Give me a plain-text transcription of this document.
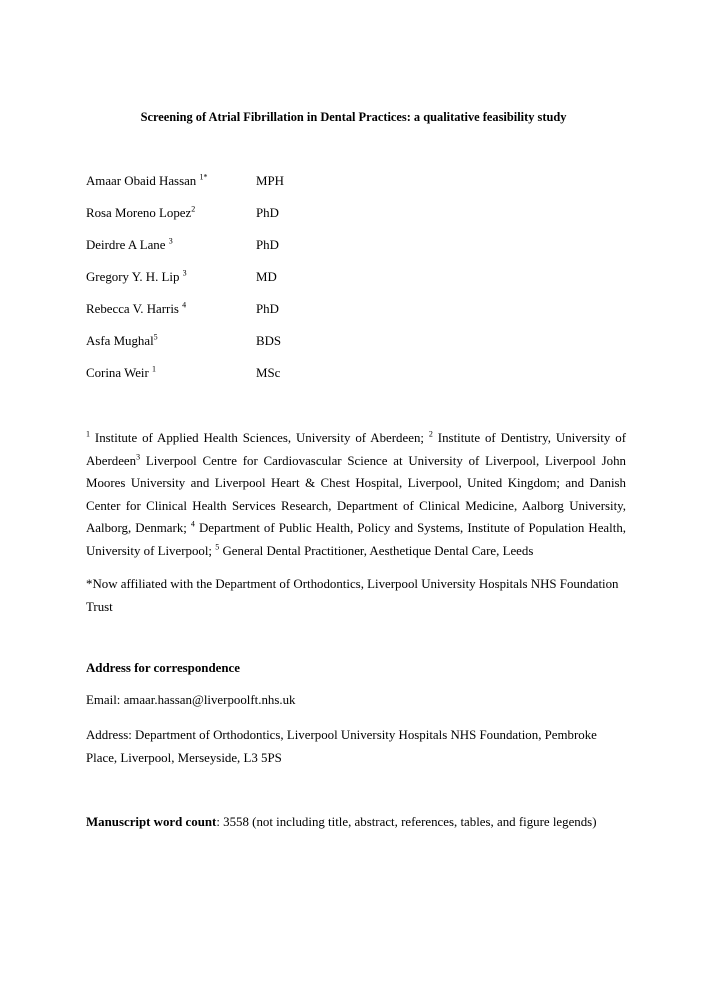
Screening of Atrial Fibrillation in Dental Practices: a qualitative feasibility study
Amaar Obaid Hassan $^{1*}$	MPH
Rosa Moreno Lopez$^2$	PhD
Deirdre A Lane $^3$	PhD
Gregory Y. H. Lip $^3$	MD
Rebecca V. Harris $^4$	PhD
Asfa Mughal$^5$	BDS
Corina Weir $^1$	MSc
$^1$ Institute of Applied Health Sciences, University of Aberdeen; $^2$ Institute of Dentistry, University of Aberdeen$^3$ Liverpool Centre for Cardiovascular Science at University of Liverpool, Liverpool John Moores University and Liverpool Heart & Chest Hospital, Liverpool, United Kingdom; and Danish Center for Clinical Health Services Research, Department of Clinical Medicine, Aalborg University, Aalborg, Denmark; $^4$ Department of Public Health, Policy and Systems, Institute of Population Health, University of Liverpool; $^5$ General Dental Practitioner, Aesthetique Dental Care, Leeds
*Now affiliated with the Department of Orthodontics, Liverpool University Hospitals NHS Foundation Trust
Address for correspondence
Email: amaar.hassan@liverpoolft.nhs.uk
Address: Department of Orthodontics, Liverpool University Hospitals NHS Foundation, Pembroke Place, Liverpool, Merseyside, L3 5PS
Manuscript word count: 3558 (not including title, abstract, references, tables, and figure legends)
